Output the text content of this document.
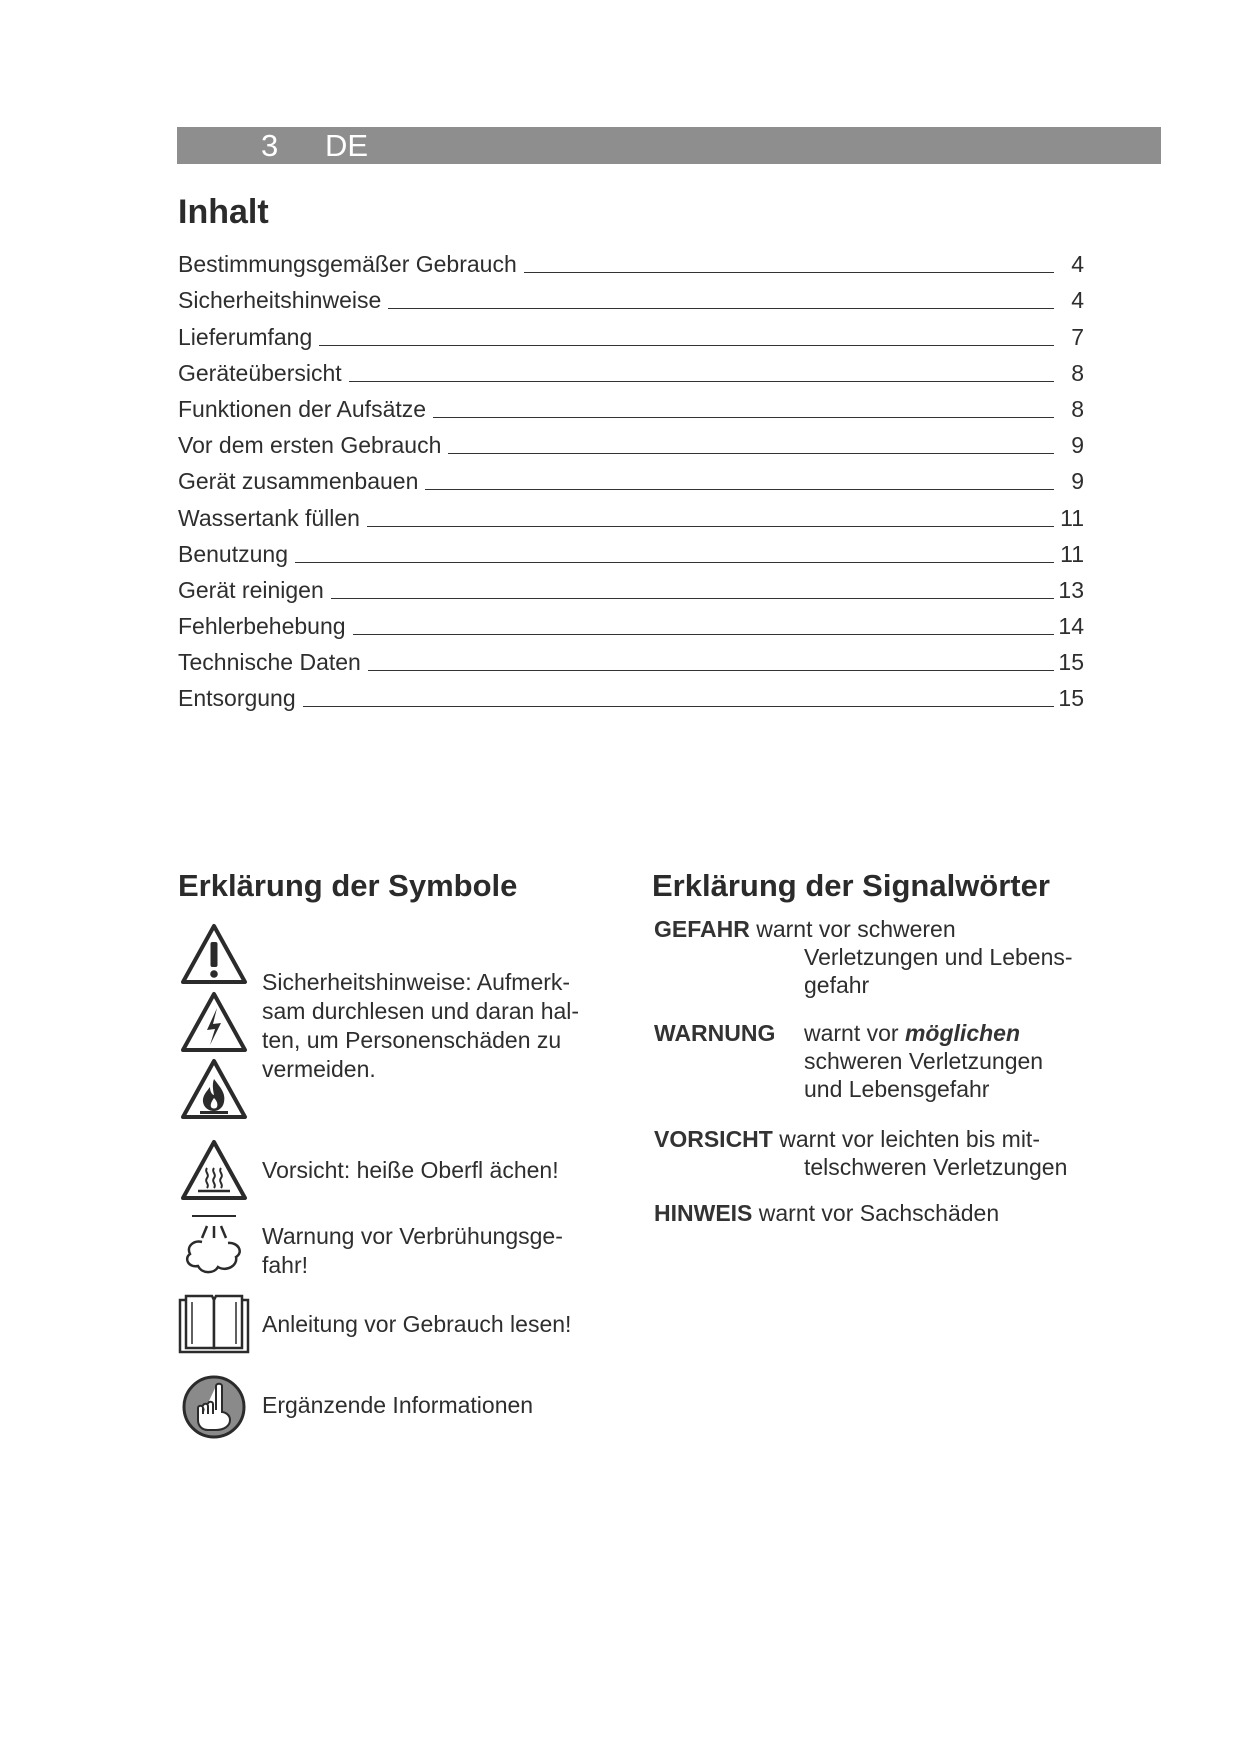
3 DE
Inhalt
Bestimmungsgemäßer Gebrauch	4
Sicherheitshinweise	4
Lieferumfang	7
Geräteübersicht	8
Funktionen der Aufsätze	8
Vor dem ersten Gebrauch	9
Gerät zusammenbauen	9
Wassertank füllen	11
Benutzung	11
Gerät reinigen	13
Fehlerbehebung	14
Technische Daten	15
Entsorgung	15
Erklärung der Symbole
Sicherheitshinweise: Aufmerk-
sam durchlesen und daran hal-
ten, um Personenschäden zu
vermeiden.
Vorsicht: heiße Oberfl ächen!
Warnung vor Verbrühungsge-
fahr!
Anleitung vor Gebrauch lesen!
Ergänzende Informationen
Erklärung der Signalwörter
GEFAHR warnt vor schweren
Verletzungen und Lebens-
gefahr
WARNUNG warnt vor möglichen
schweren Verletzungen
und Lebensgefahr
VORSICHT warnt vor leichten bis mit-
telschweren Verletzungen
HINWEIS warnt vor Sachschäden
